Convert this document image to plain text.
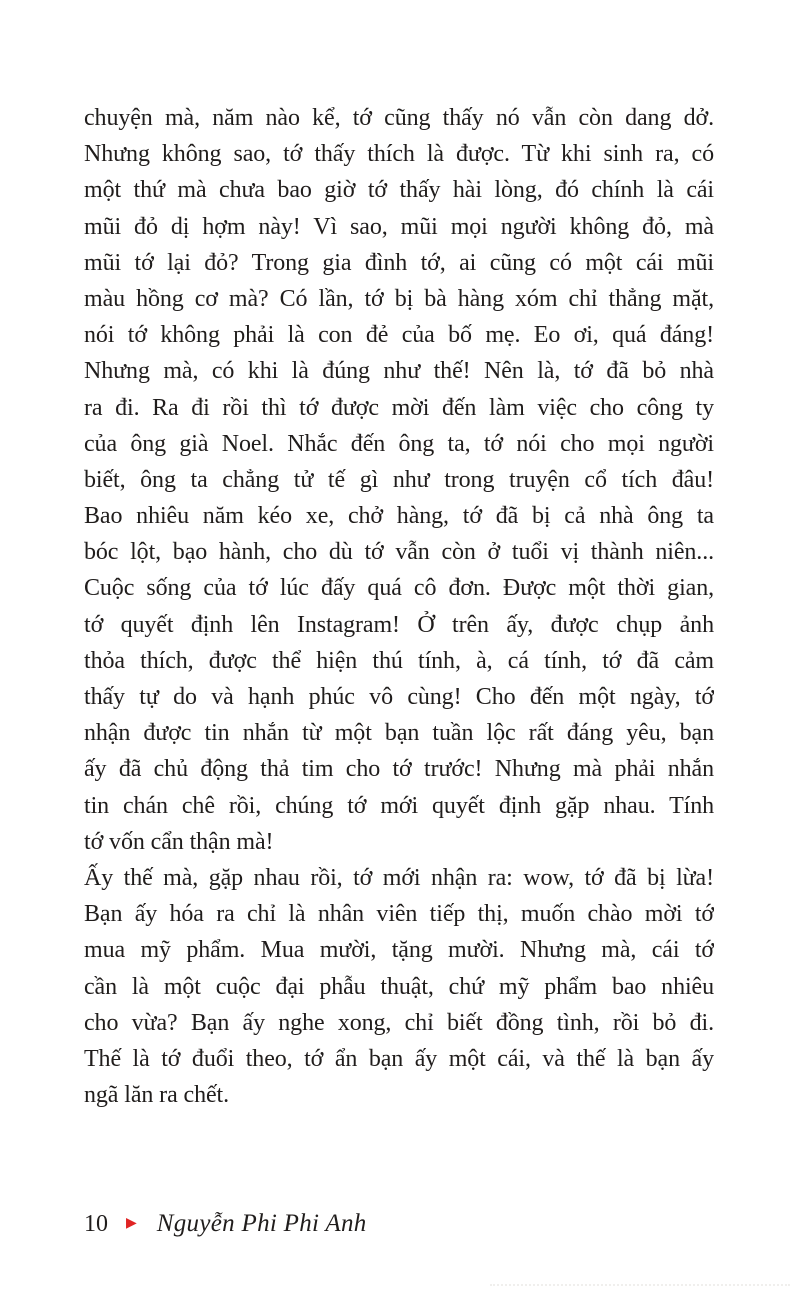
chuyện mà, năm nào kể, tớ cũng thấy nó vẫn còn dang dở.
Nhưng không sao, tớ thấy thích là được. Từ khi sinh ra, có
một thứ mà chưa bao giờ tớ thấy hài lòng, đó chính là cái
mũi đỏ dị hợm này! Vì sao, mũi mọi người không đỏ, mà
mũi tớ lại đỏ? Trong gia đình tớ, ai cũng có một cái mũi
màu hồng cơ mà? Có lần, tớ bị bà hàng xóm chỉ thẳng mặt,
nói tớ không phải là con đẻ của bố mẹ. Eo ơi, quá đáng!
Nhưng mà, có khi là đúng như thế! Nên là, tớ đã bỏ nhà
ra đi. Ra đi rồi thì tớ được mời đến làm việc cho công ty
của ông già Noel. Nhắc đến ông ta, tớ nói cho mọi người
biết, ông ta chẳng tử tế gì như trong truyện cổ tích đâu!
Bao nhiêu năm kéo xe, chở hàng, tớ đã bị cả nhà ông ta
bóc lột, bạo hành, cho dù tớ vẫn còn ở tuổi vị thành niên...
Cuộc sống của tớ lúc đấy quá cô đơn. Được một thời gian,
tớ quyết định lên Instagram! Ở trên ấy, được chụp ảnh
thỏa thích, được thể hiện thú tính, à, cá tính, tớ đã cảm
thấy tự do và hạnh phúc vô cùng! Cho đến một ngày, tớ
nhận được tin nhắn từ một bạn tuần lộc rất đáng yêu, bạn
ấy đã chủ động thả tim cho tớ trước! Nhưng mà phải nhắn
tin chán chê rồi, chúng tớ mới quyết định gặp nhau. Tính
tớ vốn cẩn thận mà!
Ấy thế mà, gặp nhau rồi, tớ mới nhận ra: wow, tớ đã bị lừa!
Bạn ấy hóa ra chỉ là nhân viên tiếp thị, muốn chào mời tớ
mua mỹ phẩm. Mua mười, tặng mười. Nhưng mà, cái tớ
cần là một cuộc đại phẫu thuật, chứ mỹ phẩm bao nhiêu
cho vừa? Bạn ấy nghe xong, chỉ biết đồng tình, rồi bỏ đi.
Thế là tớ đuổi theo, tớ ẩn bạn ấy một cái, và thế là bạn ấy
ngã lăn ra chết.
10 ▶ Nguyễn Phi Phi Anh
